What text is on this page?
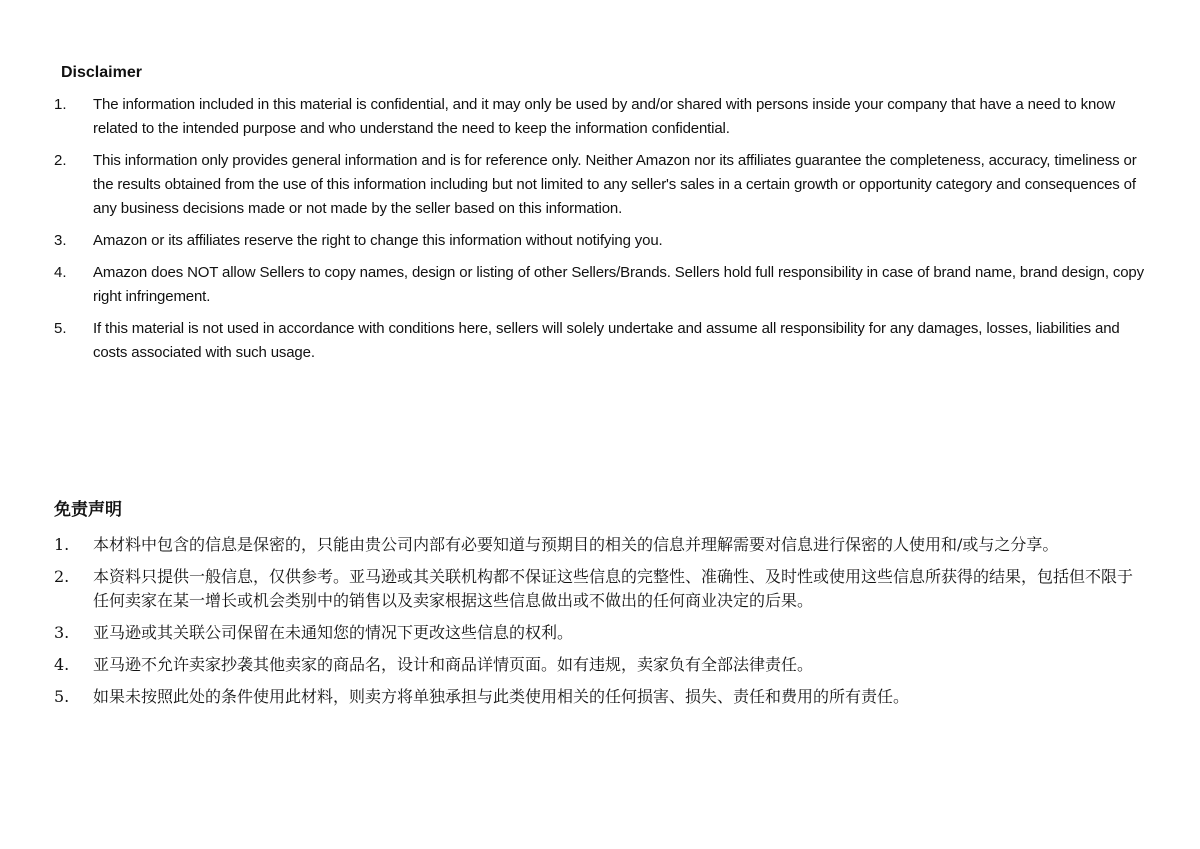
Disclaimer
1.	The information included in this material is confidential, and it may only be used by and/or shared with persons inside your company that have a need to know related to the intended purpose and who understand the need to keep the information confidential.
2.	This information only provides general information and is for reference only. Neither Amazon nor its affiliates guarantee the completeness, accuracy, timeliness or the results obtained from the use of this information including but not limited to any seller's sales in a certain growth or opportunity category and consequences of any business decisions made or not made by the seller based on this information.
3.	Amazon or its affiliates reserve the right to change this information without notifying you.
4.	Amazon does NOT allow Sellers to copy names, design or listing of other Sellers/Brands. Sellers hold full responsibility in case of brand name, brand design, copy right infringement.
5.	If this material is not used in accordance with conditions here, sellers will solely undertake and assume all responsibility for any damages, losses, liabilities and costs associated with such usage.
免责声明
1.	本材料中包含的信息是保密的，只能由贵公司内部有必要知道与预期目的相关的信息并理解需要对信息进行保密的人使用和/或与之分享。
2.	本资料只提供一般信息，仅供参考。亚马逊或其关联机构都不保证这些信息的完整性、准确性、及时性或使用这些信息所获得的结果，包括但不限于任何卖家在某一增长或机会类别中的销售以及卖家根据这些信息做出或不做出的任何商业决定的后果。
3.	亚马逊或其关联公司保留在未通知您的情况下更改这些信息的权利。
4.	亚马逊不允许卖家抄袭其他卖家的商品名，设计和商品详情页面。如有违规，卖家负有全部法律责任。
5.	如果未按照此处的条件使用此材料，则卖方将单独承担与此类使用相关的任何损害、损失、责任和费用的所有责任。
